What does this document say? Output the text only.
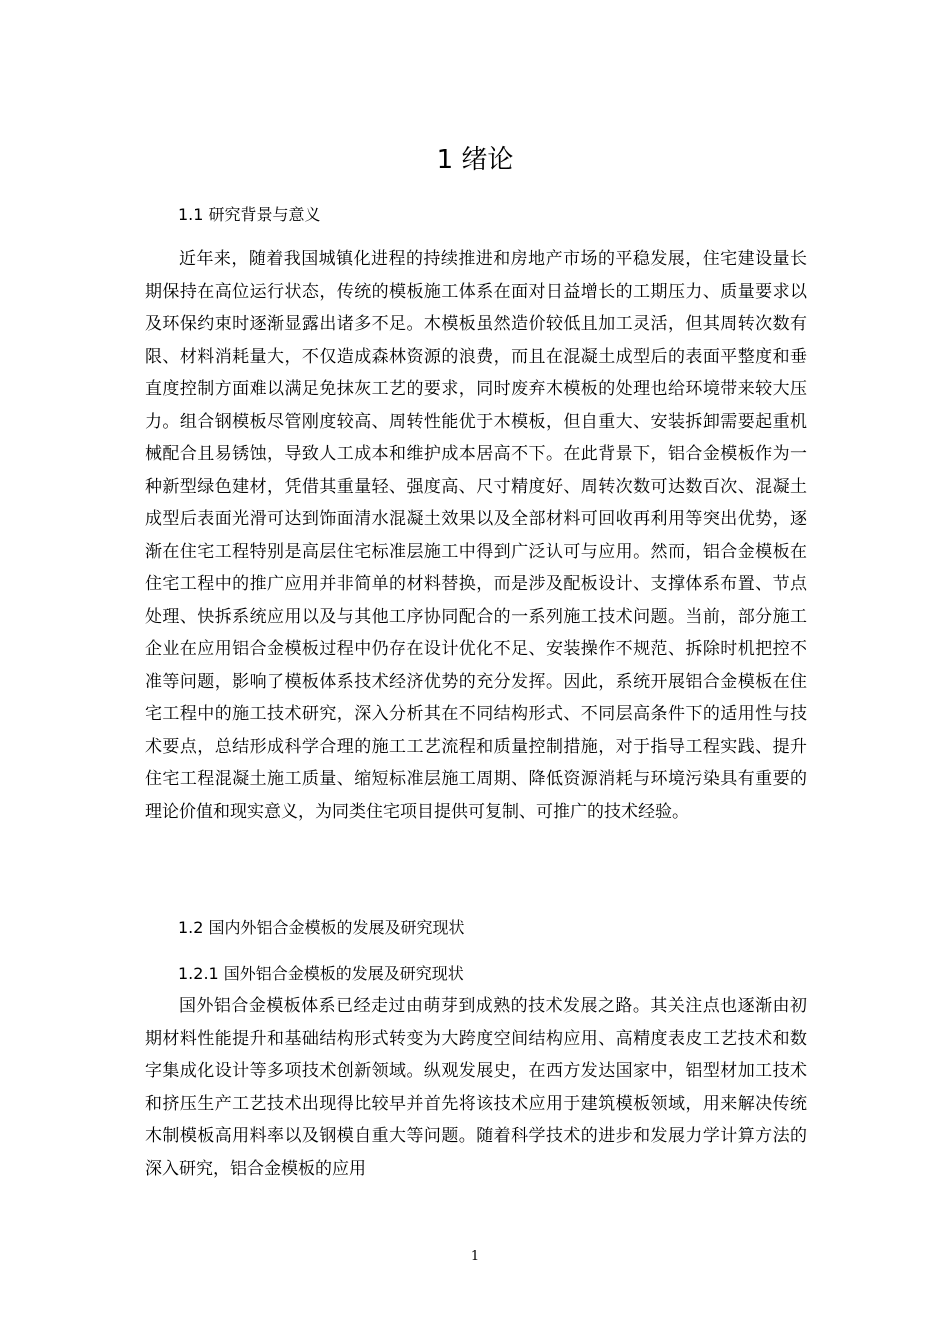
1 绪论
1.1 研究背景与意义

近年来，随着我国城镇化进程的持续推进和房地产市场的平稳发展，住宅建设量长期保持在高位运行状态，传统的模板施工体系在面对日益增长的工期压力、质量要求以及环保约束时逐渐显露出诸多不足。木模板虽然造价较低且加工灵活，但其周转次数有限、材料消耗量大，不仅造成森林资源的浪费，而且在混凝土成型后的表面平整度和垂直度控制方面难以满足免抹灰工艺的要求，同时废弃木模板的处理也给环境带来较大压力。组合钢模板尽管刚度较高、周转性能优于木模板，但自重大、安装拆卸需要起重机械配合且易锈蚀，导致人工成本和维护成本居高不下。在此背景下，铝合金模板作为一种新型绿色建材，凭借其重量轻、强度高、尺寸精度好、周转次数可达数百次、混凝土成型后表面光滑可达到饰面清水混凝土效果以及全部材料可回收再利用等突出优势，逐渐在住宅工程特别是高层住宅标准层施工中得到广泛认可与应用。然而，铝合金模板在住宅工程中的推广应用并非简单的材料替换，而是涉及配板设计、支撑体系布置、节点处理、快拆系统应用以及与其他工序协同配合的一系列施工技术问题。当前，部分施工企业在应用铝合金模板过程中仍存在设计优化不足、安装操作不规范、拆除时机把控不准等问题，影响了模板体系技术经济优势的充分发挥。因此，系统开展铝合金模板在住宅工程中的施工技术研究，深入分析其在不同结构形式、不同层高条件下的适用性与技术要点，总结形成科学合理的施工工艺流程和质量控制措施，对于指导工程实践、提升住宅工程混凝土施工质量、缩短标准层施工周期、降低资源消耗与环境污染具有重要的理论价值和现实意义，为同类住宅项目提供可复制、可推广的技术经验。

1.2 国内外铝合金模板的发展及研究现状
1.2.1 国外铝合金模板的发展及研究现状

国外铝合金模板体系已经走过由萌芽到成熟的技术发展之路。其关注点也逐渐由初期材料性能提升和基础结构形式转变为大跨度空间结构应用、高精度表皮工艺技术和数字集成化设计等多项技术创新领域。纵观发展史，在西方发达国家中，铝型材加工技术和挤压生产工艺技术出现得比较早并首先将该技术应用于建筑模板领域，用来解决传统木制模板高用料率以及钢模自重大等问题。随着科学技术的进步和发展力学计算方法的深入研究，铝合金模板的应用

1
